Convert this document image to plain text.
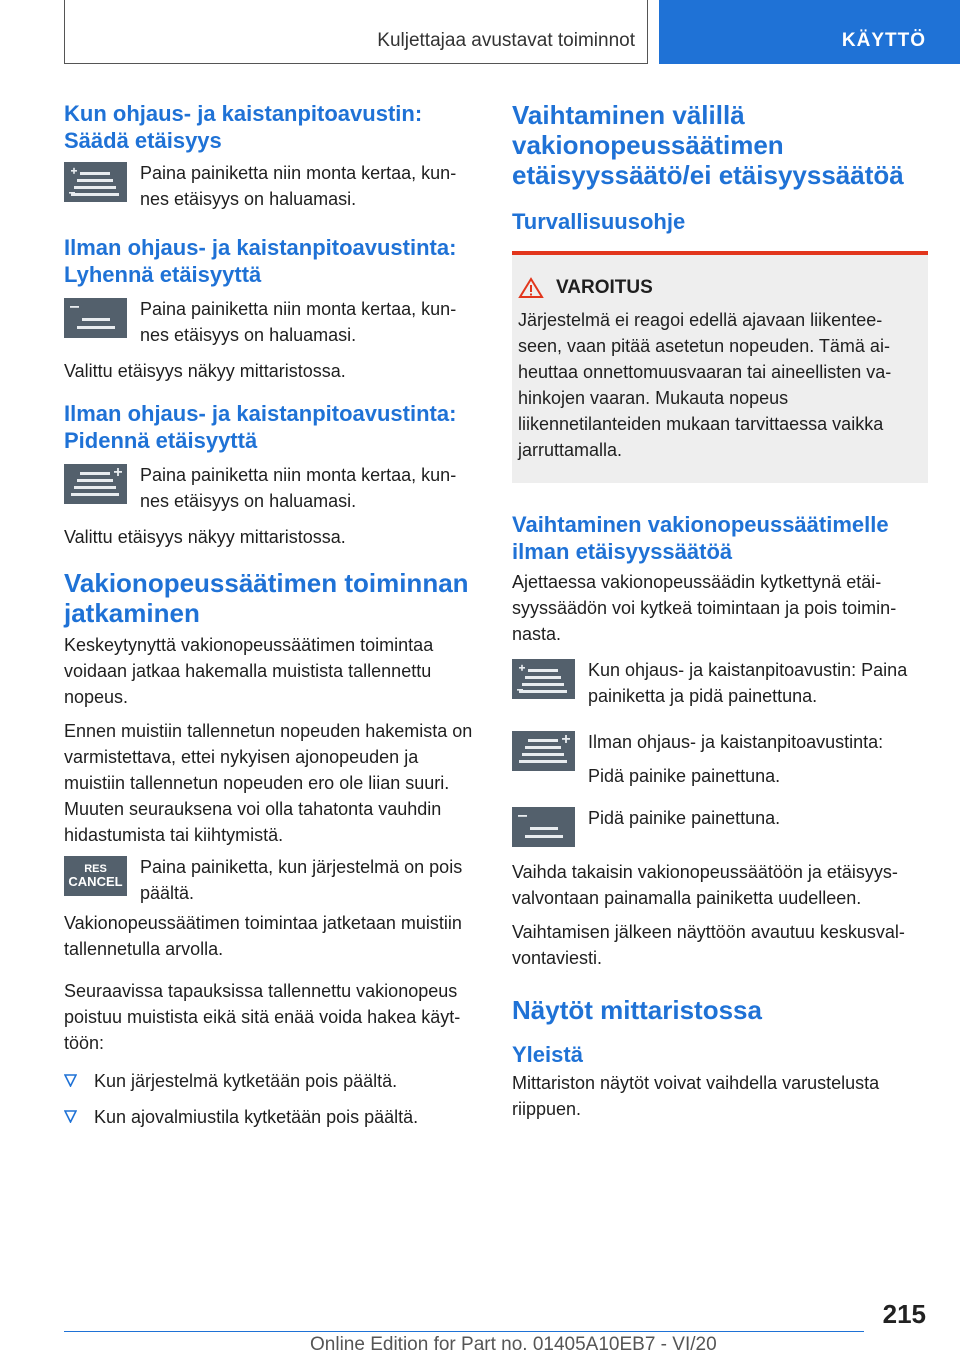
Kuljettajaa avustavat toiminnot	KÄYTTÖ
Kun ohjaus- ja kaistanpitoavustin: Säädä etäisyys
Paina painiketta niin monta kertaa, kunnes etäisyys on haluamasi.
Ilman ohjaus- ja kaistanpitoavustinta: Lyhennä etäisyyttä
Paina painiketta niin monta kertaa, kunnes etäisyys on haluamasi.

Valittu etäisyys näkyy mittaristossa.

Ilman ohjaus- ja kaistanpitoavustinta: Pidennä etäisyyttä
Paina painiketta niin monta kertaa, kunnes etäisyys on haluamasi.

Valittu etäisyys näkyy mittaristossa.

Vakionopeussäätimen toiminnan jatkaminen

Keskeytynyttä vakionopeussäätimen toimintaa voidaan jatkaa hakemalla muistista tallennettu nopeus.

Ennen muistiin tallennetun nopeuden hakemista on varmistettava, ettei nykyisen ajonopeuden ja muistiin tallennetun nopeuden ero ole liian suuri. Muuten seurauksena voi olla tahatonta vauhdin hidastumista tai kiihtymistä.

RES
CANCEL
Paina painiketta, kun järjestelmä on pois päältä.

Vakionopeussäätimen toimintaa jatketaan muistiin tallennetulla arvolla.

Seuraavissa tapauksissa tallennettu vakionopeus poistuu muistista eikä sitä enää voida hakea käyttöön:

Kun järjestelmä kytketään pois päältä.
Kun ajovalmiustila kytketään pois päältä.
Vaihtaminen välillä vakionopeussäätimen etäisyyssäätö/ei etäisyyssäätöä
Turvallisuusohje
VAROITUS

Järjestelmä ei reagoi edellä ajavaan liikenteeseen, vaan pitää asetetun nopeuden. Tämä aiheuttaa onnettomuusvaaran tai aineellisten vahinkojen vaaran. Mukauta nopeus liikennetilanteiden mukaan tarvittaessa vaikka jarruttamalla.

Vaihtaminen vakionopeussäätimelle ilman etäisyyssäätöä

Ajettaessa vakionopeussäädin kytkettynä etäisyyssäädön voi kytkeä toimintaan ja pois toiminnasta.

Kun ohjaus- ja kaistanpitoavustin: Paina painiketta ja pidä painettuna.
Ilman ohjaus- ja kaistanpitoavustinta:
Pidä painike painettuna.
Pidä painike painettuna.

Vaihda takaisin vakionopeussäätöön ja etäisyysvalvontaan painamalla painiketta uudelleen.

Vaihtamisen jälkeen näyttöön avautuu keskusvalvontaviesti.

Näytöt mittaristossa
Yleistä

Mittariston näytöt voivat vaihdella varustelusta riippuen.

215
Online Edition for Part no. 01405A10EB7 - VI/20
